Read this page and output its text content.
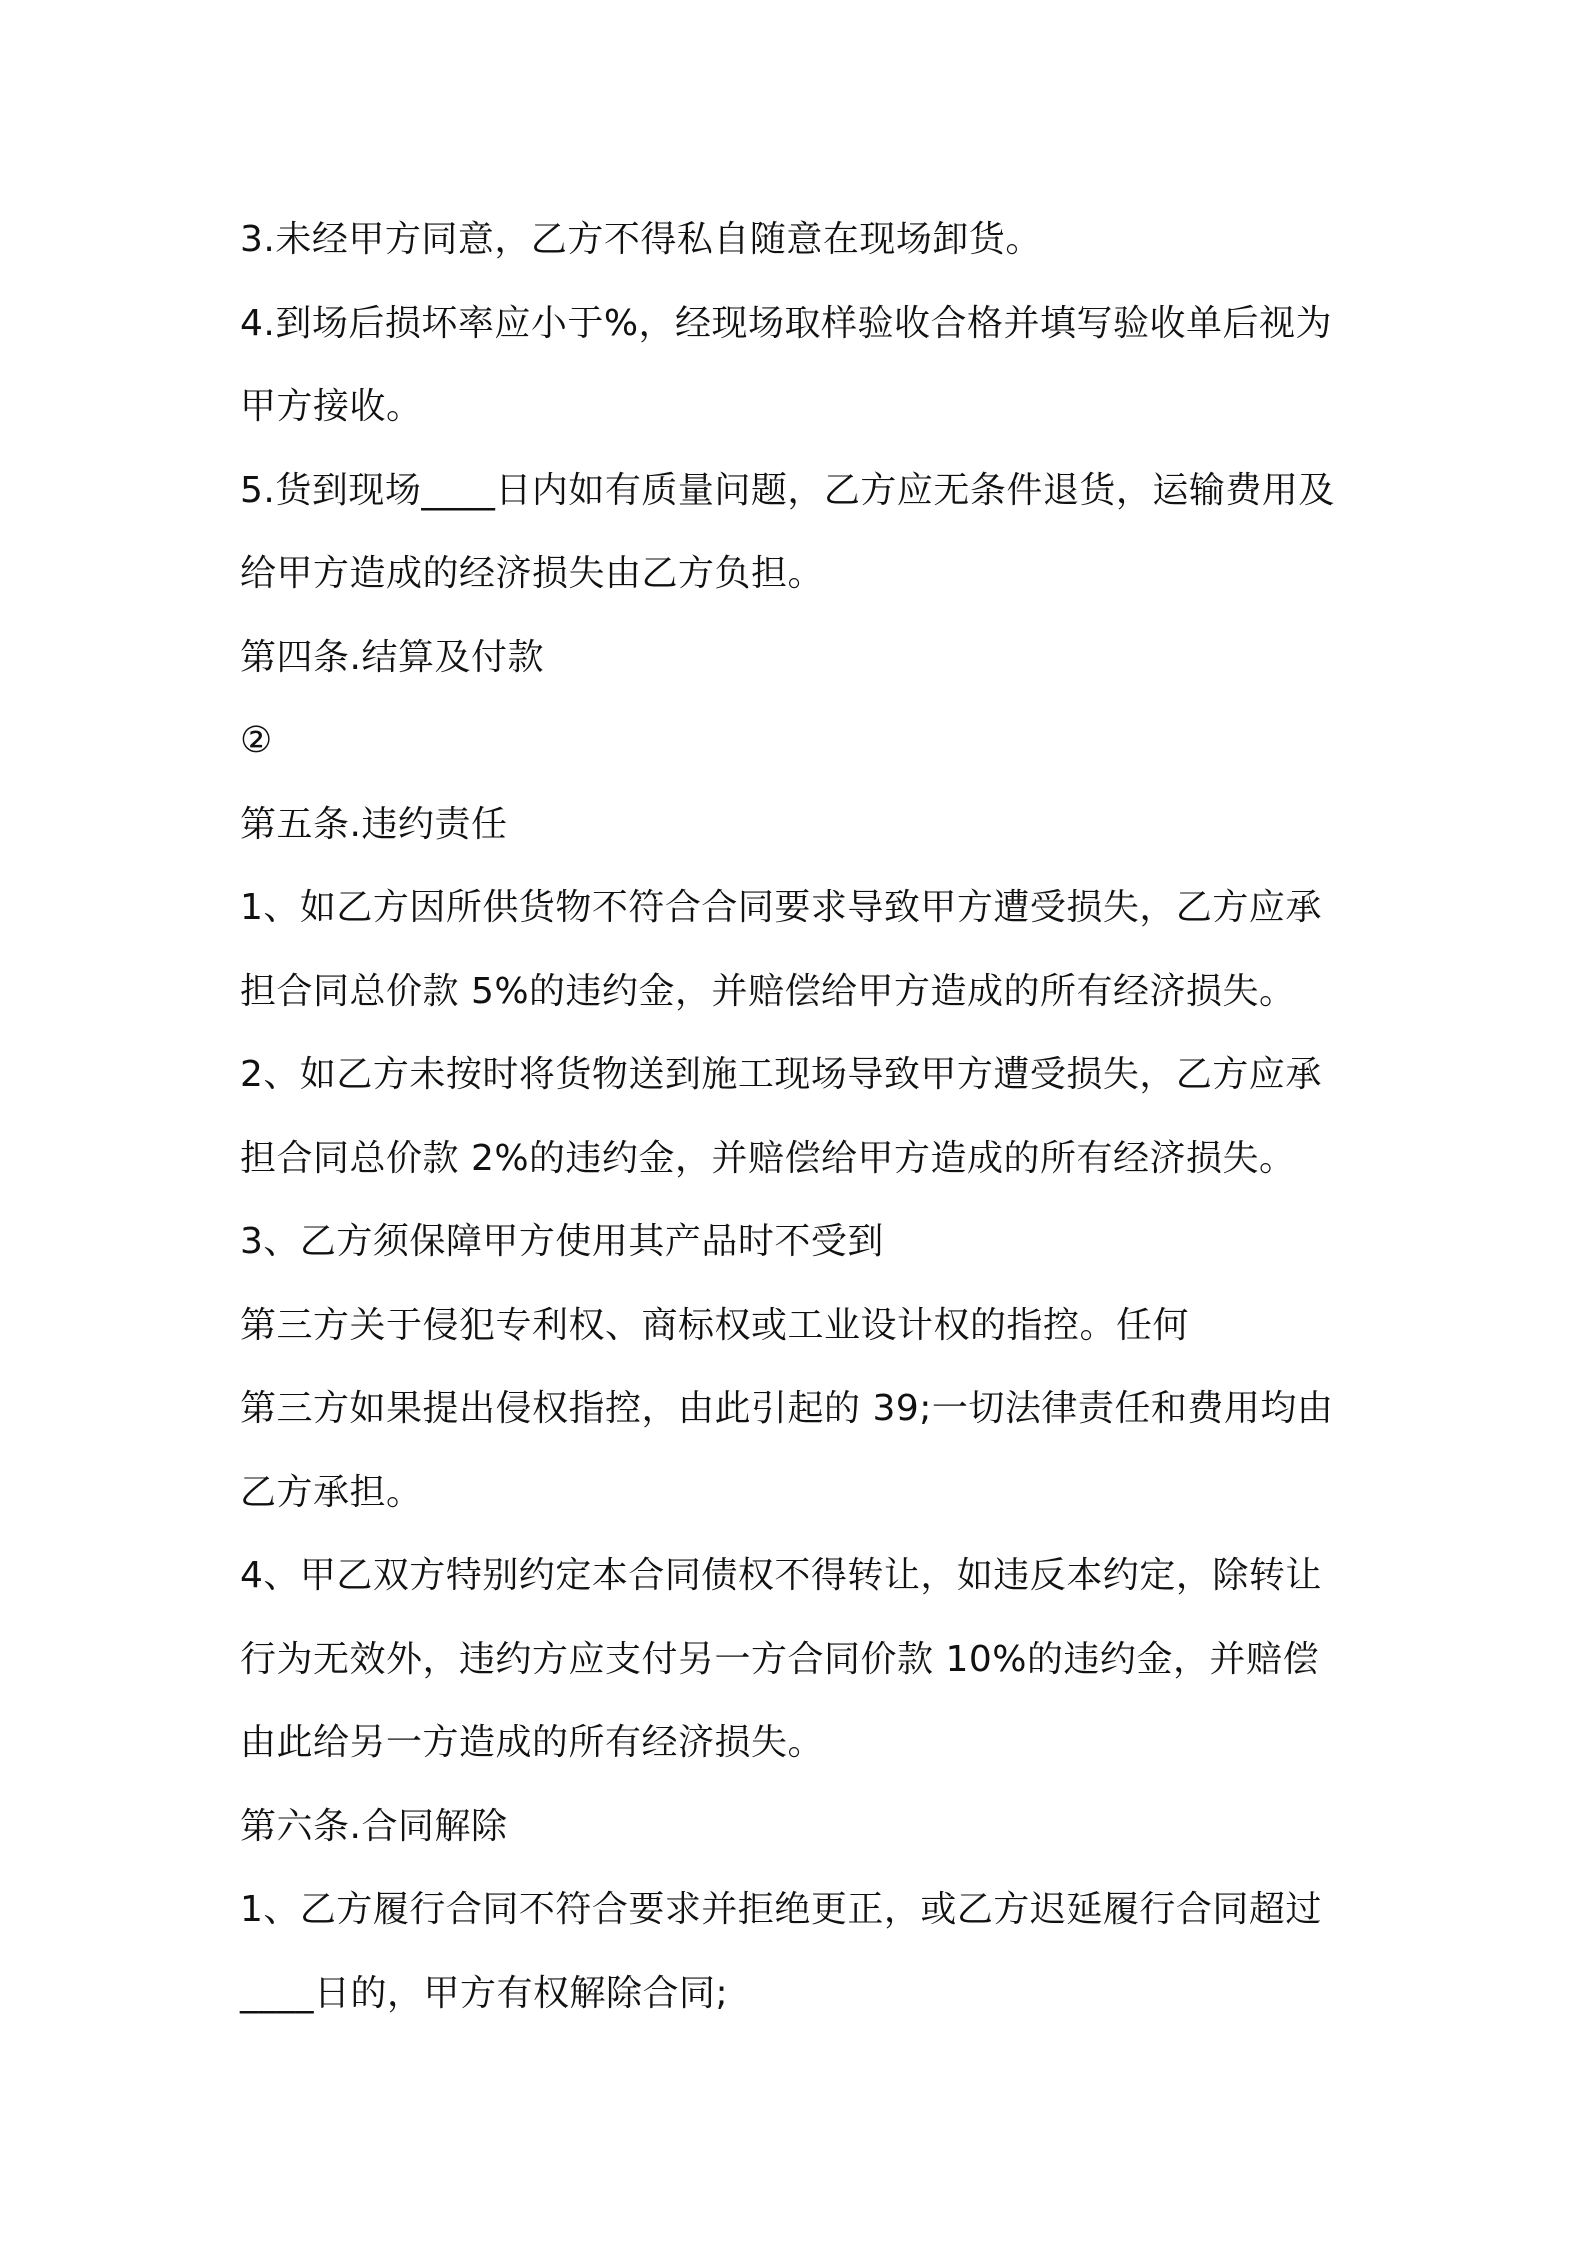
3.未经甲方同意，乙方不得私自随意在现场卸货。
4.到场后损坏率应小于%，经现场取样验收合格并填写验收单后视为
甲方接收。
5.货到现场____日内如有质量问题，乙方应无条件退货，运输费用及
给甲方造成的经济损失由乙方负担。
第四条.结算及付款
②
第五条.违约责任
1、如乙方因所供货物不符合合同要求导致甲方遭受损失，乙方应承
担合同总价款 5%的违约金，并赔偿给甲方造成的所有经济损失。
2、如乙方未按时将货物送到施工现场导致甲方遭受损失，乙方应承
担合同总价款 2%的违约金，并赔偿给甲方造成的所有经济损失。
3、乙方须保障甲方使用其产品时不受到
第三方关于侵犯专利权、商标权或工业设计权的指控。任何
第三方如果提出侵权指控，由此引起的 39;一切法律责任和费用均由
乙方承担。
4、甲乙双方特别约定本合同债权不得转让，如违反本约定，除转让
行为无效外，违约方应支付另一方合同价款 10%的违约金，并赔偿
由此给另一方造成的所有经济损失。
第六条.合同解除
1、乙方履行合同不符合要求并拒绝更正，或乙方迟延履行合同超过
____日的，甲方有权解除合同;
